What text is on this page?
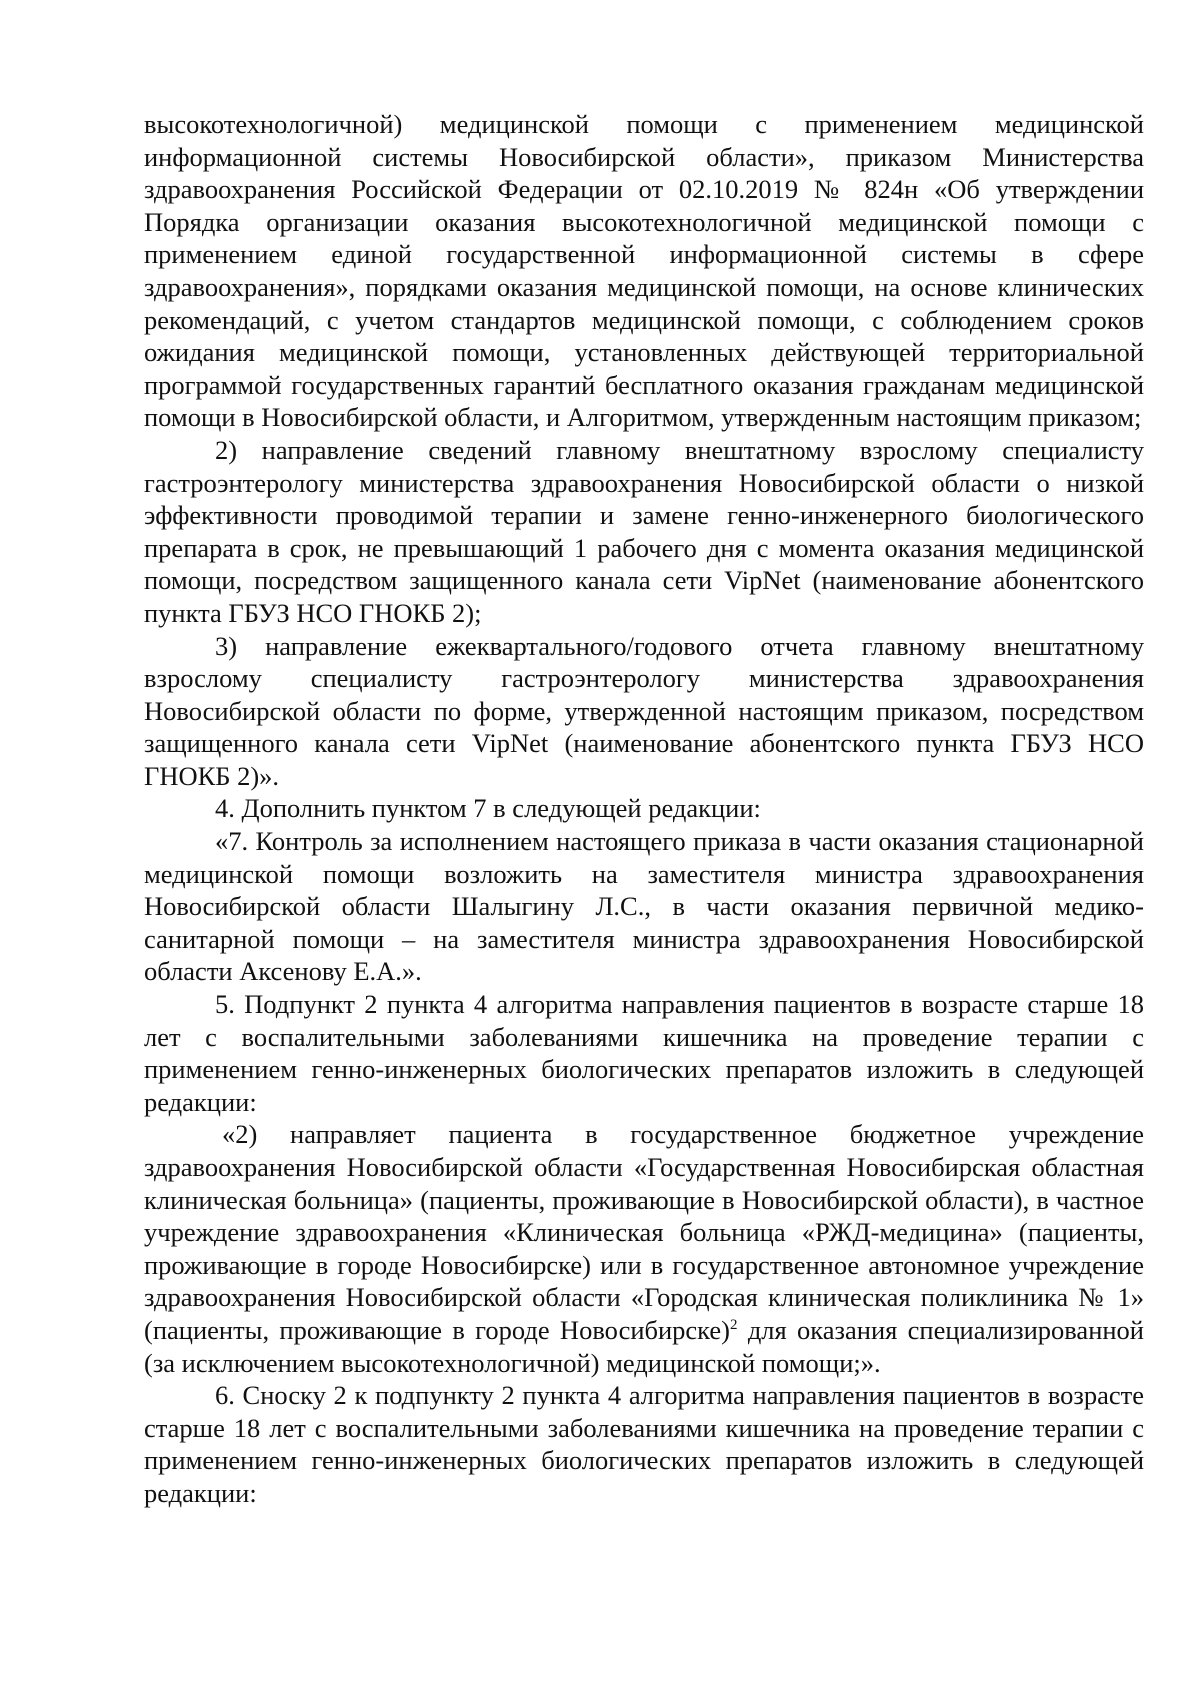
высокотехнологичной) медицинской помощи с применением медицинской информационной системы Новосибирской области», приказом Министерства здравоохранения Российской Федерации от 02.10.2019 № 824н «Об утверждении Порядка организации оказания высокотехнологичной медицинской помощи с применением единой государственной информационной системы в сфере здравоохранения», порядками оказания медицинской помощи, на основе клинических рекомендаций, с учетом стандартов медицинской помощи, с соблюдением сроков ожидания медицинской помощи, установленных действующей территориальной программой государственных гарантий бесплатного оказания гражданам медицинской помощи в Новосибирской области, и Алгоритмом, утвержденным настоящим приказом;

2) направление сведений главному внештатному взрослому специалисту гастроэнтерологу министерства здравоохранения Новосибирской области о низкой эффективности проводимой терапии и замене генно-инженерного биологического препарата в срок, не превышающий 1 рабочего дня с момента оказания медицинской помощи, посредством защищенного канала сети VipNet (наименование абонентского пункта ГБУЗ НСО ГНОКБ 2);

3) направление ежеквартального/годового отчета главному внештатному взрослому специалисту гастроэнтерологу министерства здравоохранения Новосибирской области по форме, утвержденной настоящим приказом, посредством защищенного канала сети VipNet (наименование абонентского пункта ГБУЗ НСО ГНОКБ 2)».

4. Дополнить пунктом 7 в следующей редакции:

«7. Контроль за исполнением настоящего приказа в части оказания стационарной медицинской помощи возложить на заместителя министра здравоохранения Новосибирской области Шалыгину Л.С., в части оказания первичной медико-санитарной помощи – на заместителя министра здравоохранения Новосибирской области Аксенову Е.А.».

5. Подпункт 2 пункта 4 алгоритма направления пациентов в возрасте старше 18 лет с воспалительными заболеваниями кишечника на проведение терапии с применением генно-инженерных биологических препаратов изложить в следующей редакции:

«2) направляет пациента в государственное бюджетное учреждение здравоохранения Новосибирской области «Государственная Новосибирская областная клиническая больница» (пациенты, проживающие в Новосибирской области), в частное учреждение здравоохранения «Клиническая больница «РЖД-медицина» (пациенты, проживающие в городе Новосибирске) или в государственное автономное учреждение здравоохранения Новосибирской области «Городская клиническая поликлиника № 1» (пациенты, проживающие в городе Новосибирске)$^2$ для оказания специализированной (за исключением высокотехнологичной) медицинской помощи;».

6. Сноску 2 к подпункту 2 пункта 4 алгоритма направления пациентов в возрасте старше 18 лет с воспалительными заболеваниями кишечника на проведение терапии с применением генно-инженерных биологических препаратов изложить в следующей редакции:
